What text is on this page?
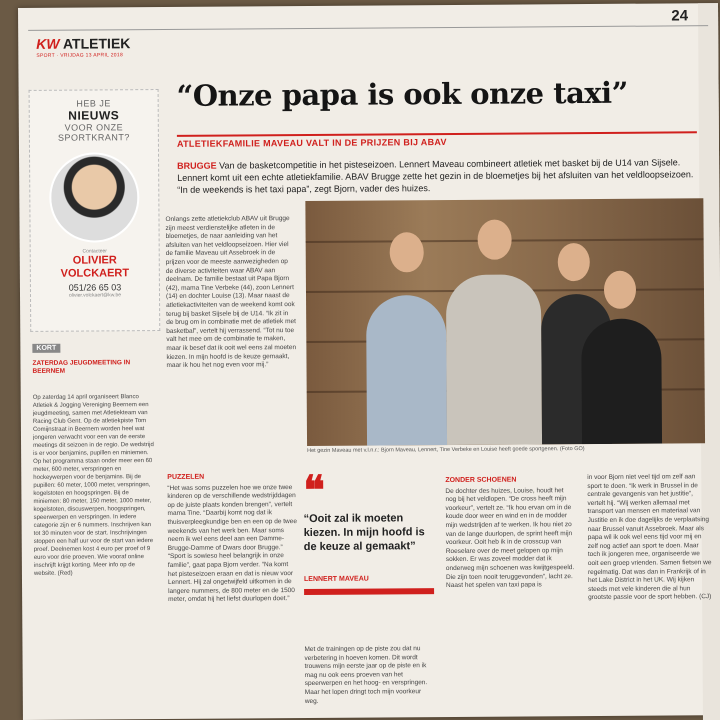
KW ATLETIEK
SPORT · VRIJDAG 13 APRIL 2018
24
HEB JE
NIEUWS
VOOR ONZE
SPORTKRANT?
Contacteer
OLIVIER
VOLCKAERT
051/26 65 03
olivier.volckaert@kw.be
KORT
ZATERDAG JEUGDMEETING IN BEERNEM
Op zaterdag 14 april organiseert Blanco Atletiek & Jogging Vereniging Beernem een jeugdmeeting, samen met Atletiekteam van Racing Club Gent. Op de atletiekpiste Tom Comijnstraat in Beernem worden heel wat jongeren verwacht voor een van de eerste meetings dit seizoen in de regio. De wedstrijd is er voor benjamins, pupillen en miniemen. Op het programma staan onder meer een 60 meter, 600 meter, verspringen en hockeywerpen voor de benjamins. Bij de pupillen: 60 meter, 1000 meter, verspringen, kogelstoten en hoogspringen. Bij de miniemen: 80 meter, 150 meter, 1000 meter, kogelstoten, discuswerpen, hoogspringen, speerwerpen en verspringen. In iedere categorie zijn er 6 nummers. Inschrijven kan tot 30 minuten voor de start. Inschrijvingen stoppen een half uur voor de start van iedere proef. Deelnemen kost 4 euro per proef of 9 euro voor drie proeven. Wie vooraf online inschrijft krijgt korting. Meer info op de website. (Red)
“Onze papa is ook onze taxi”
ATLETIEKFAMILIE MAVEAU VALT IN DE PRIJZEN BIJ ABAV
BRUGGE Van de basketcompetitie in het pisteseizoen. Lennert Maveau combineert atletiek met basket bij de U14 van Sijsele. Lennert komt uit een echte atletiekfamilie. ABAV Brugge zette het gezin in de bloemetjes bij het afsluiten van het veldloopseizoen. “In de weekends is het taxi papa”, zegt Bjorn, vader des huizes.
Onlangs zette atletiekclub ABAV uit Brugge zijn meest verdienstelijke atleten in de bloemetjes, de naar aanleiding van het afsluiten van het veldloopseizoen. Hier viel de familie Maveau uit Assebroek in de prijzen voor de meeste aanwezigheden op de diverse activiteiten waar ABAV aan deelnam. De familie bestaat uit Papa Bjorn (42), mama Tine Verbeke (44), zoon Lennert (14) en dochter Louise (13). Maar naast de atletiekactiviteiten van de weekend komt ook terug bij basket Sijsele bij de U14. “Ik zit in de brug om in combinatie met de atletiek met basketbal”, vertelt hij verrassend. “Tot nu toe valt het mee om de combinatie te maken, maar ik besef dat ik ooit wel eens zal moeten kiezen. In mijn hoofd is de keuze gemaakt, maar ik hou het nog even voor mij.”
Het gezin Maveau met v.l.n.r.: Bjorn Maveau, Lennert, Tine Verbeke en Louise heeft goede sportgenen. (Foto GO)
PUZZELEN
“Het was soms puzzelen hoe we onze twee kinderen op de verschillende wedstrijddagen op de juiste plaats konden brengen”, vertelt mama Tine. “Daarbij komt nog dat ik thuisverpleegkundige ben en een op de twee weekends van het werk ben. Maar soms neem ik wel eens deel aan een Damme-Brugge-Damme of Dwars door Brugge.” “Sport is sowieso heel belangrijk in onze familie”, gaat papa Bjorn verder. “Na komt het pisteseizoen eraan en dat is nieuw voor Lennert. Hij zal ongetwijfeld uitkomen in de langere nummers, de 800 meter en de 1500 meter, omdat hij het liefst duurlopen doet.”
❝
“Ooit zal ik moeten kiezen. In mijn hoofd is de keuze al gemaakt”
LENNERT MAVEAU
Met de trainingen op de piste zou dat nu verbetering in hoeven komen. Dit wordt trouwens mijn eerste jaar op de piste en ik mag nu ook eens proeven van het speerwerpen en het hoog- en verspringen. Maar het lopen dringt toch mijn voorkeur weg.
ZONDER SCHOENEN
De dochter des huizes, Louise, houdt het nog bij het veldlopen. “De cross heeft mijn voorkeur”, vertelt ze. “Ik hou ervan om in de koude door weer en wind en in de modder mijn wedstrijden af te werken. Ik hou niet zo van de lange duurlopen, de sprint heeft mijn voorkeur. Ooit heb ik in de crosscup van Roeselare over de meet gelopen op mijn sokken. Er was zoveel modder dat ik onderweg mijn schoenen was kwijtgespeeld. Die zijn toen nooit teruggevonden”, lacht ze. Naast het spelen van taxi papa is
in voor Bjorn niet veel tijd om zelf aan sport te doen. “Ik werk in Brussel in de centrale gevangenis van het justitie”, vertelt hij. “Wij werken allemaal met transport van mensen en materiaal van Justitie en ik doe dagelijks de verplaatsing naar Brussel vanuit Assebroek. Maar als papa wil ik ook wel eens tijd voor mij en zelf nog actief aan sport te doen. Maar toch ik jongeren mee, organiseerde we ooit een groep vrienden. Samen fietsen we regelmatig. Dat was dan in Frankrijk of in het Lake District in het UK. Wij kijken steeds met vele kinderen die al hun grootste passie voor de sport hebben. (CJ)
